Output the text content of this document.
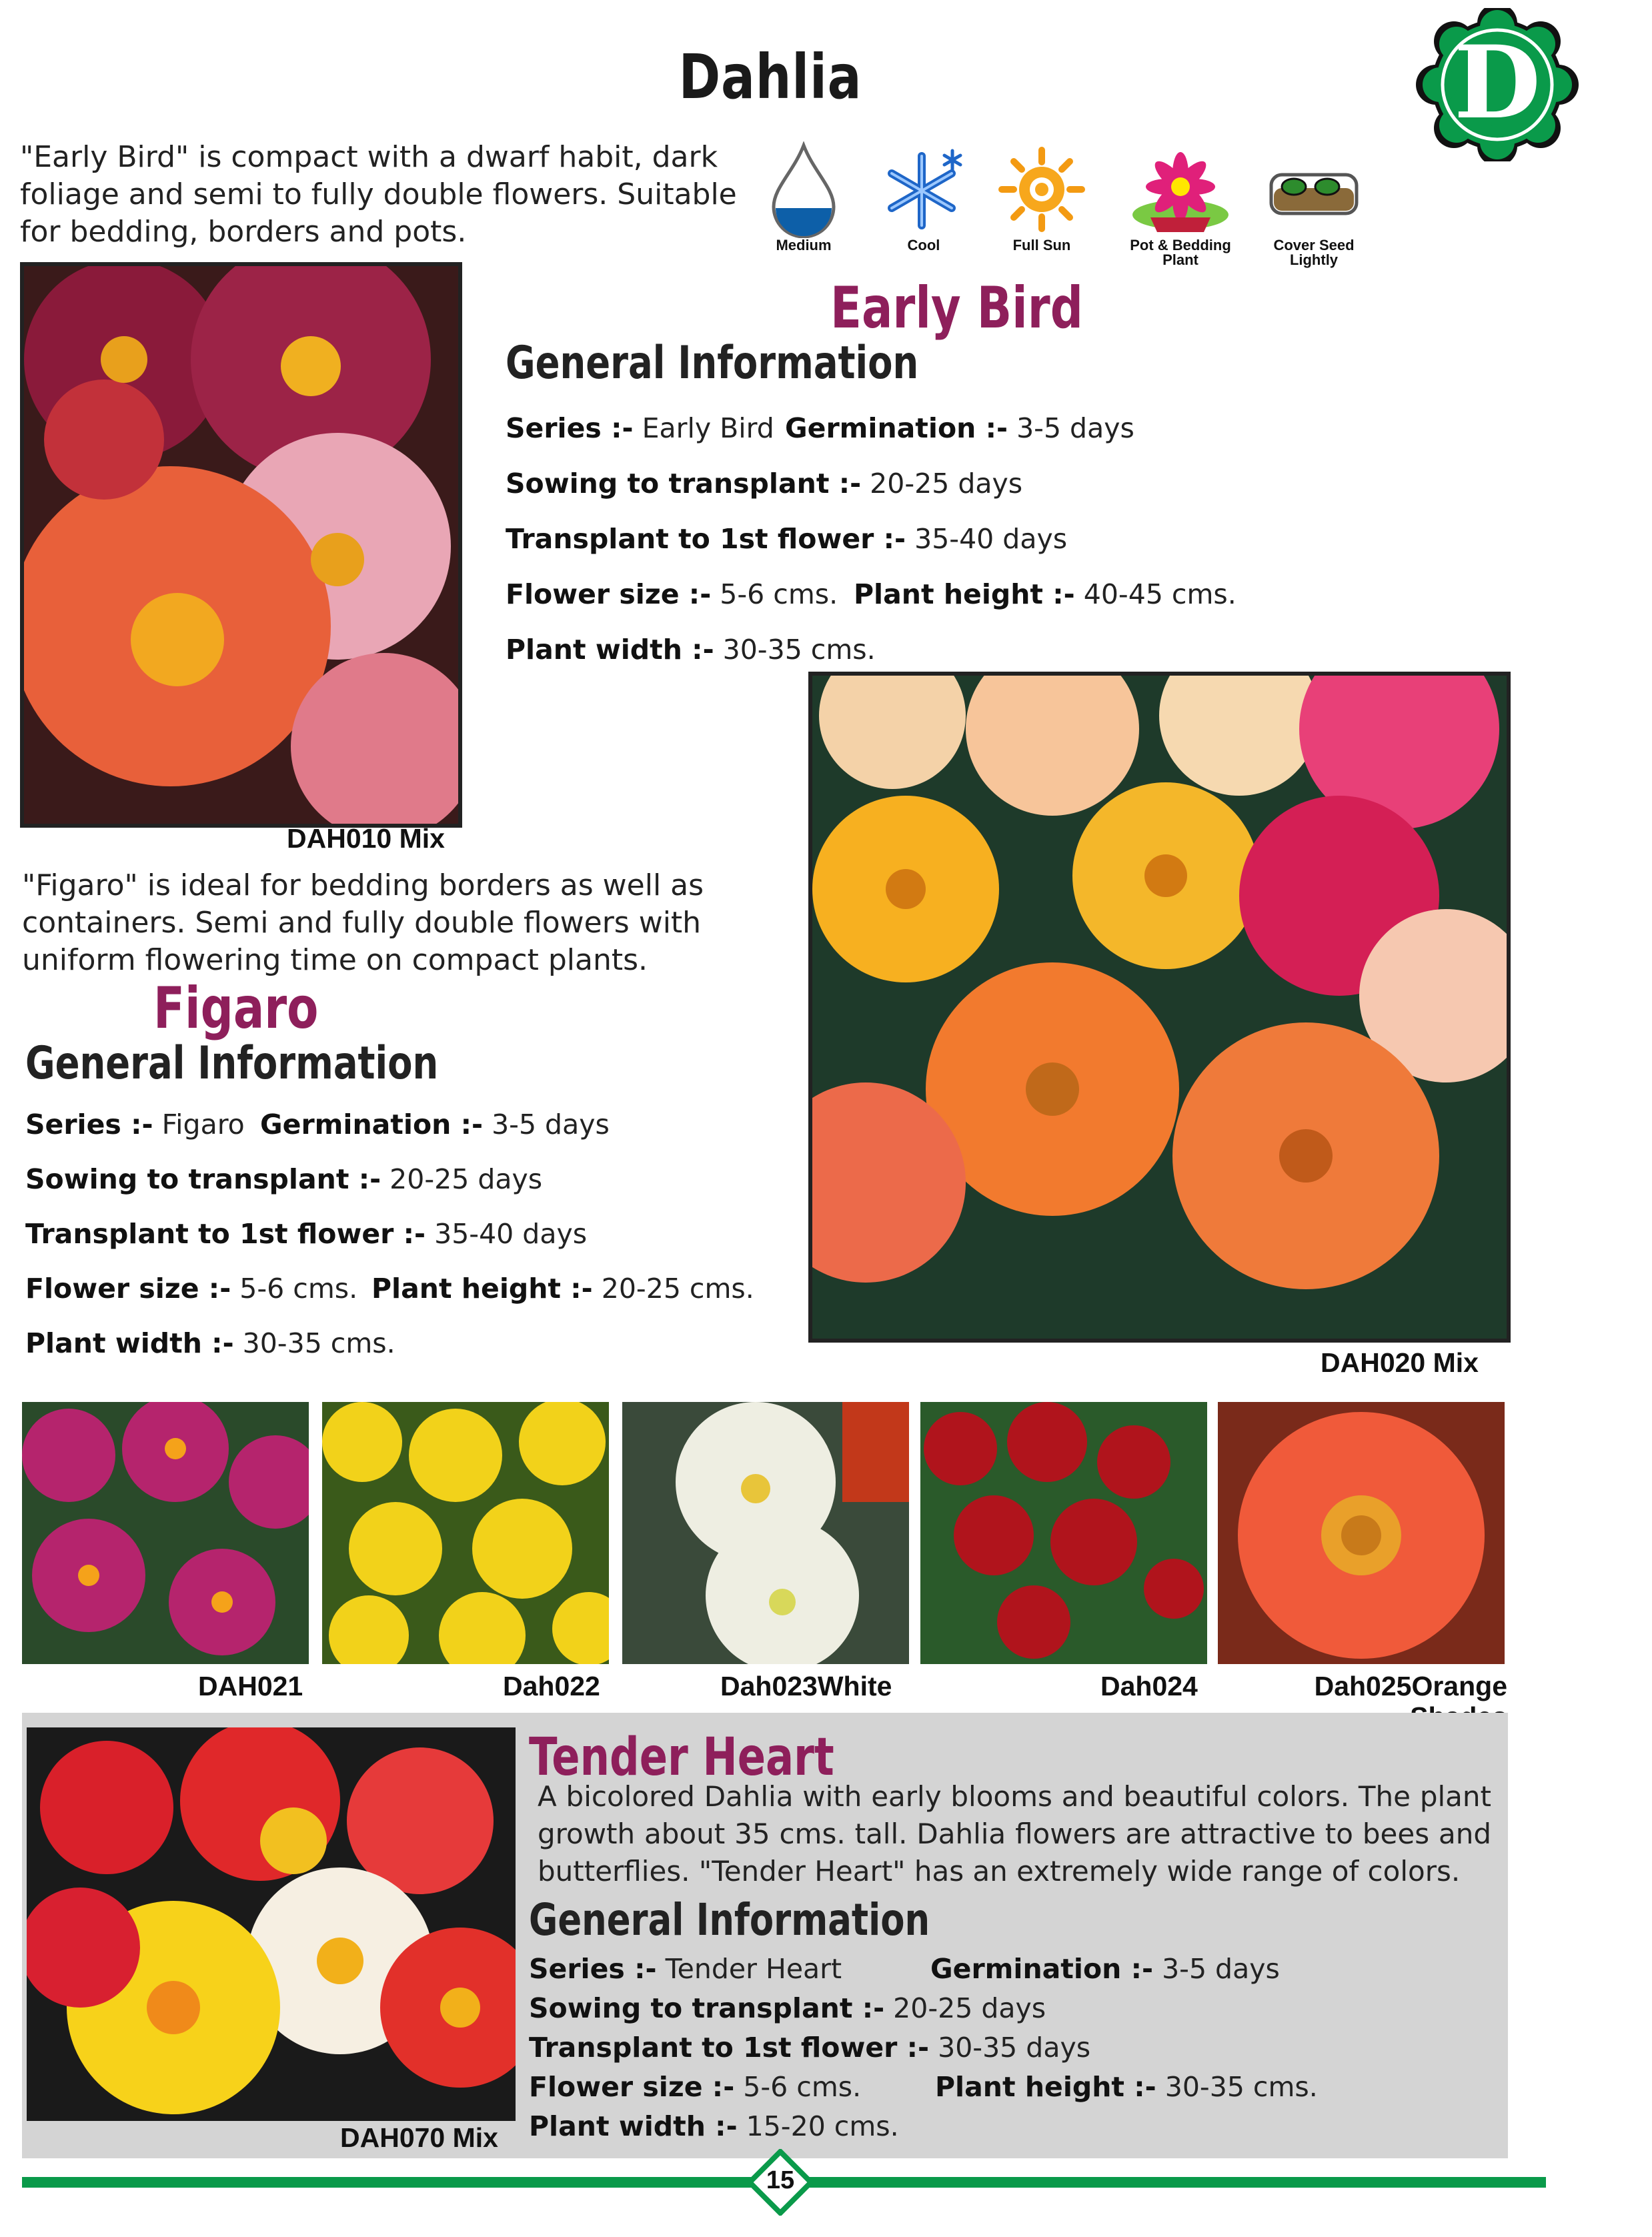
Dahlia	D
"Early Bird" is compact with a dwarf habit, dark foliage and semi to fully double flowers. Suitable for bedding, borders and pots.	Medium	Cool	Full Sun	Pot & Bedding Plant
Cover Seed Lightly
DAH010 Mix
Early Bird
General Information
Series :- Early Bird Germination :- 3-5 days
Sowing to transplant :- 20-25 days
Transplant to 1st flower :- 35-40 days
Flower size :- 5-6 cms. Plant height :- 40-45 cms.
Plant width :- 30-35 cms.
DAH020 Mix
"Figaro" is ideal for bedding borders as well as containers. Semi and fully double flowers with uniform flowering time on compact plants.
Figaro
General Information
Series :- Figaro Germination :- 3-5 days
Sowing to transplant :- 20-25 days
Transplant to 1st flower :- 35-40 days
Flower size :- 5-6 cms. Plant height :- 20-25 cms.
Plant width :- 30-35 cms.
DAH021	Dah022	Dah023White	Dah024	Dah025Orange
DAH070 Mix
Tender Heart
A bicolored Dahlia with early blooms and beautiful colors. The plant growth about 35 cms. tall. Dahlia flowers are attractive to bees and butterflies. "Tender Heart" has an extremely wide range of colors.
General Information
Series :- Tender Heart	Germination :- 3-5 days
Sowing to transplant :- 20-25 days
Transplant to 1st flower :- 30-35 days
Flower size :- 5-6 cms.	Plant height :- 30-35 cms.
Plant width :- 15-20 cms.
15
